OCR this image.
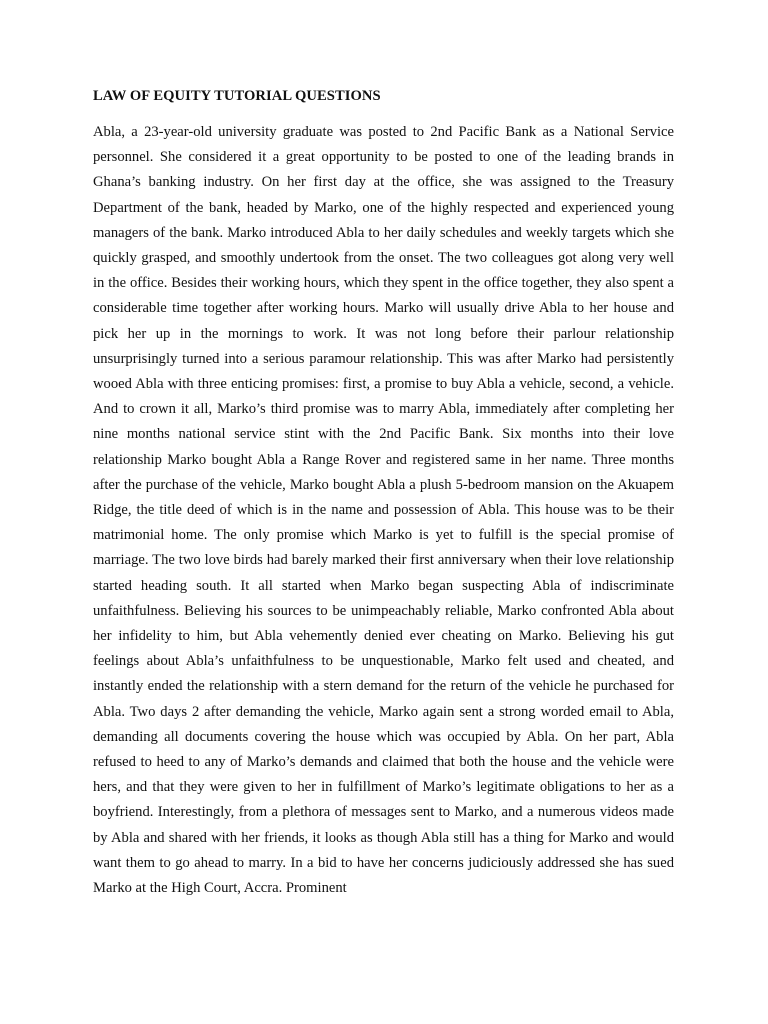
LAW OF EQUITY TUTORIAL QUESTIONS

Abla, a 23-year-old university graduate was posted to 2nd Pacific Bank as a National Service personnel. She considered it a great opportunity to be posted to one of the leading brands in Ghana’s banking industry. On her first day at the office, she was assigned to the Treasury Department of the bank, headed by Marko, one of the highly respected and experienced young managers of the bank. Marko introduced Abla to her daily schedules and weekly targets which she quickly grasped, and smoothly undertook from the onset. The two colleagues got along very well in the office. Besides their working hours, which they spent in the office together, they also spent a considerable time together after working hours. Marko will usually drive Abla to her house and pick her up in the mornings to work. It was not long before their parlour relationship unsurprisingly turned into a serious paramour relationship. This was after Marko had persistently wooed Abla with three enticing promises: first, a promise to buy Abla a vehicle, second, a vehicle. And to crown it all, Marko’s third promise was to marry Abla, immediately after completing her nine months national service stint with the 2nd Pacific Bank. Six months into their love relationship Marko bought Abla a Range Rover and registered same in her name. Three months after the purchase of the vehicle, Marko bought Abla a plush 5-bedroom mansion on the Akuapem Ridge, the title deed of which is in the name and possession of Abla. This house was to be their matrimonial home. The only promise which Marko is yet to fulfill is the special promise of marriage. The two love birds had barely marked their first anniversary when their love relationship started heading south. It all started when Marko began suspecting Abla of indiscriminate unfaithfulness. Believing his sources to be unimpeachably reliable, Marko confronted Abla about her infidelity to him, but Abla vehemently denied ever cheating on Marko. Believing his gut feelings about Abla’s unfaithfulness to be unquestionable, Marko felt used and cheated, and instantly ended the relationship with a stern demand for the return of the vehicle he purchased for Abla. Two days 2 after demanding the vehicle, Marko again sent a strong worded email to Abla, demanding all documents covering the house which was occupied by Abla. On her part, Abla refused to heed to any of Marko’s demands and claimed that both the house and the vehicle were hers, and that they were given to her in fulfillment of Marko’s legitimate obligations to her as a boyfriend. Interestingly, from a plethora of messages sent to Marko, and a numerous videos made by Abla and shared with her friends, it looks as though Abla still has a thing for Marko and would want them to go ahead to marry. In a bid to have her concerns judiciously addressed she has sued Marko at the High Court, Accra. Prominent
